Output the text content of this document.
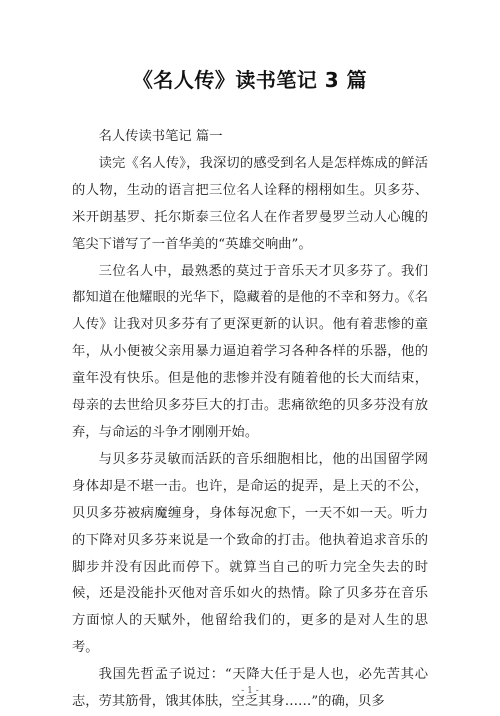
《名人传》读书笔记 3 篇

名人传读书笔记 篇一

读完《名人传》，我深切的感受到名人是怎样炼成的鲜活的人物，生动的语言把三位名人诠释的栩栩如生。贝多芬、米开朗基罗、托尔斯泰三位名人在作者罗曼罗兰动人心魄的笔尖下谱写了一首华美的“英雄交响曲”。

三位名人中，最熟悉的莫过于音乐天才贝多芬了。我们都知道在他耀眼的光华下，隐藏着的是他的不幸和努力。《名人传》让我对贝多芬有了更深更新的认识。他有着悲惨的童年，从小便被父亲用暴力逼迫着学习各种各样的乐器，他的童年没有快乐。但是他的悲惨并没有随着他的长大而结束，母亲的去世给贝多芬巨大的打击。悲痛欲绝的贝多芬没有放弃，与命运的斗争才刚刚开始。

与贝多芬灵敏而活跃的音乐细胞相比，他的出国留学网身体却是不堪一击。也许，是命运的捉弄，是上天的不公，贝贝多芬被病魔缠身，身体每况愈下，一天不如一天。听力的下降对贝多芬来说是一个致命的打击。他执着追求音乐的脚步并没有因此而停下。就算当自己的听力完全失去的时候，还是没能扑灭他对音乐如火的热情。除了贝多芬在音乐方面惊人的天赋外，他留给我们的，更多的是对人生的思考。

我国先哲孟子说过：“天降大任于是人也，必先苦其心志，劳其筋骨，饿其体肤，空乏其身……”的确，贝多

- 1 -
